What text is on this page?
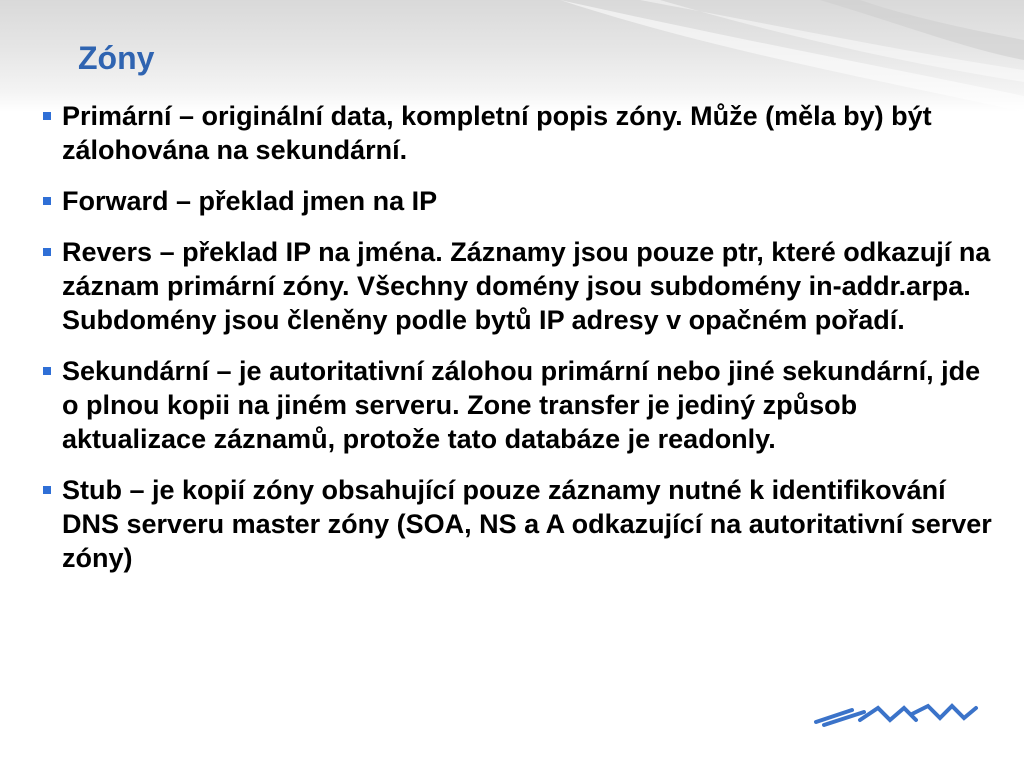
Zóny
Primární – originální data, kompletní popis zóny. Může (měla by) být zálohována na sekundární.
Forward – překlad jmen na IP
Revers – překlad IP na jména. Záznamy jsou pouze ptr, které odkazují na záznam primární zóny. Všechny domény jsou subdomény in-addr.arpa. Subdomény jsou členěny podle bytů IP adresy v opačném pořadí.
Sekundární – je autoritativní zálohou primární nebo jiné sekundární, jde o plnou kopii na jiném serveru. Zone transfer je jediný způsob aktualizace záznamů, protože tato databáze je readonly.
Stub – je kopií zóny obsahující pouze záznamy nutné k identifikování DNS serveru master zóny (SOA, NS a A odkazující na autoritativní server zóny)
